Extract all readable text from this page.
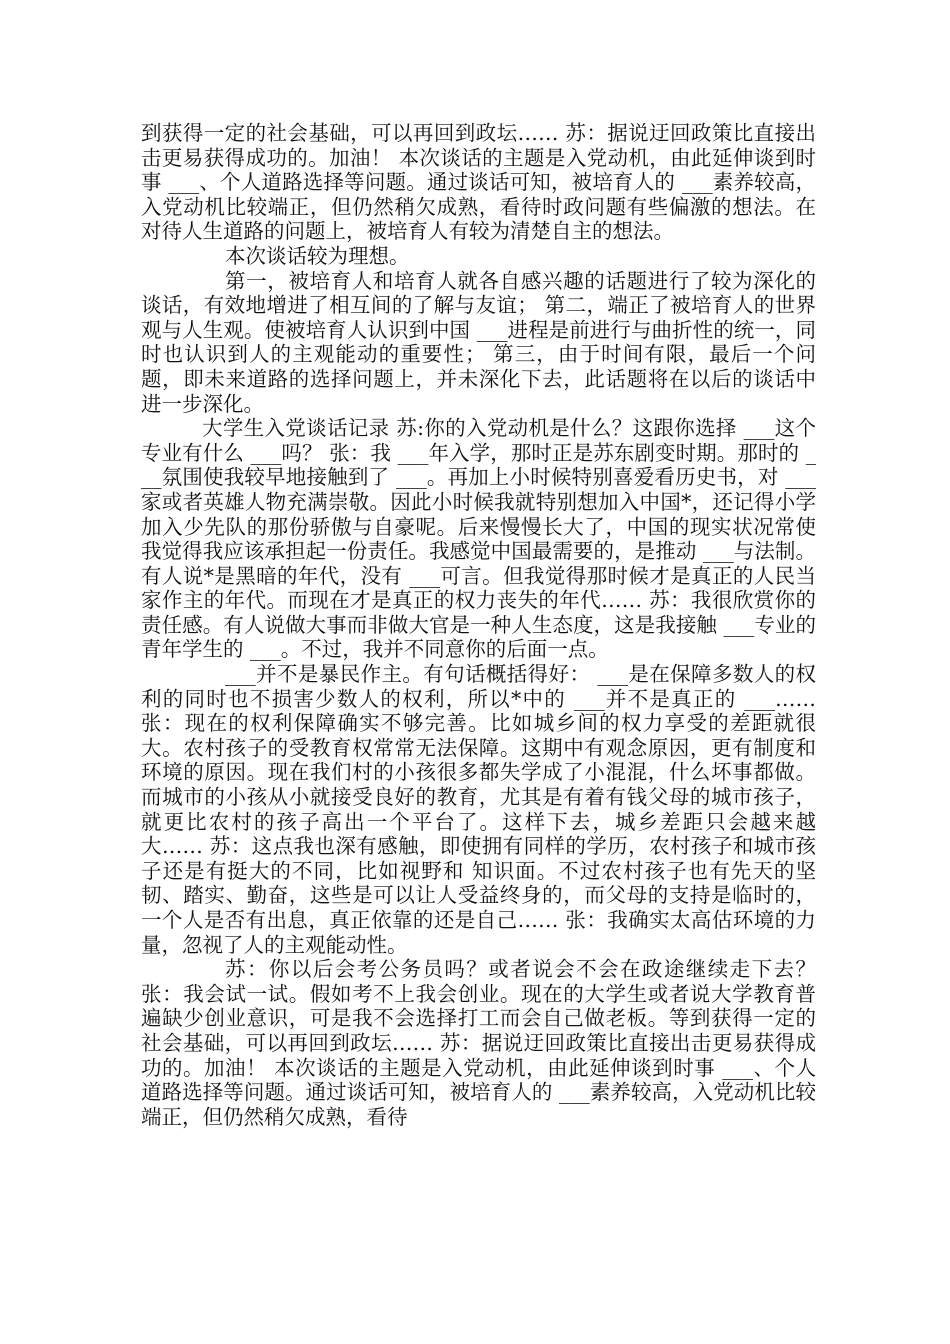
到获得一定的社会基础，可以再回到政坛…… 苏：据说迂回政策比直接出击更易获得成功的。加油！ 本次谈话的主题是入党动机，由此延伸谈到时事 ___、个人道路选择等问题。通过谈话可知，被培育人的 ___素养较高，入党动机比较端正，但仍然稍欠成熟，看待时政问题有些偏激的想法。在对待人生道路的问题上，被培育人有较为清楚自主的想法。

本次谈话较为理想。

第一，被培育人和培育人就各自感兴趣的话题进行了较为深化的谈话，有效地增进了相互间的了解与友谊； 第二，端正了被培育人的世界观与人生观。使被培育人认识到中国 ___进程是前进行与曲折性的统一，同时也认识到人的主观能动的重要性； 第三，由于时间有限，最后一个问题，即未来道路的选择问题上，并未深化下去，此话题将在以后的谈话中进一步深化。

大学生入党谈话记录 苏:你的入党动机是什么？这跟你选择 ___这个专业有什么 ___吗？ 张：我 ___年入学，那时正是苏东剧变时期。那时的 ___氛围使我较早地接触到了 ___。再加上小时候特别喜爱看历史书，对 ___家或者英雄人物充满崇敬。因此小时候我就特别想加入中国*，还记得小学加入少先队的那份骄傲与自豪呢。后来慢慢长大了，中国的现实状况常使我觉得我应该承担起一份责任。我感觉中国最需要的，是推动 ___与法制。有人说*是黑暗的年代，没有 ___可言。但我觉得那时候才是真正的人民当家作主的年代。而现在才是真正的权力丧失的年代…… 苏：我很欣赏你的责任感。有人说做大事而非做大官是一种人生态度，这是我接触 ___专业的青年学生的 ___。不过，我并不同意你的后面一点。

___并不是暴民作主。有句话概括得好： ___是在保障多数人的权利的同时也不损害少数人的权利，所以*中的 ___并不是真正的 ___…… 张：现在的权利保障确实不够完善。比如城乡间的权力享受的差距就很大。农村孩子的受教育权常常无法保障。这期中有观念原因，更有制度和环境的原因。现在我们村的小孩很多都失学成了小混混，什么坏事都做。而城市的小孩从小就接受良好的教育，尤其是有着有钱父母的城市孩子，就更比农村的孩子高出一个平台了。这样下去，城乡差距只会越来越大…… 苏：这点我也深有感触，即使拥有同样的学历，农村孩子和城市孩子还是有挺大的不同，比如视野和 知识面。不过农村孩子也有先天的坚韧、踏实、勤奋，这些是可以让人受益终身的，而父母的支持是临时的，一个人是否有出息，真正依靠的还是自己…… 张：我确实太高估环境的力量，忽视了人的主观能动性。

苏：你以后会考公务员吗？或者说会不会在政途继续走下去？ 张：我会试一试。假如考不上我会创业。现在的大学生或者说大学教育普遍缺少创业意识，可是我不会选择打工而会自己做老板。等到获得一定的社会基础，可以再回到政坛…… 苏：据说迂回政策比直接出击更易获得成功的。加油！ 本次谈话的主题是入党动机，由此延伸谈到时事 ___、个人道路选择等问题。通过谈话可知，被培育人的 ___素养较高，入党动机比较端正，但仍然稍欠成熟，看待
